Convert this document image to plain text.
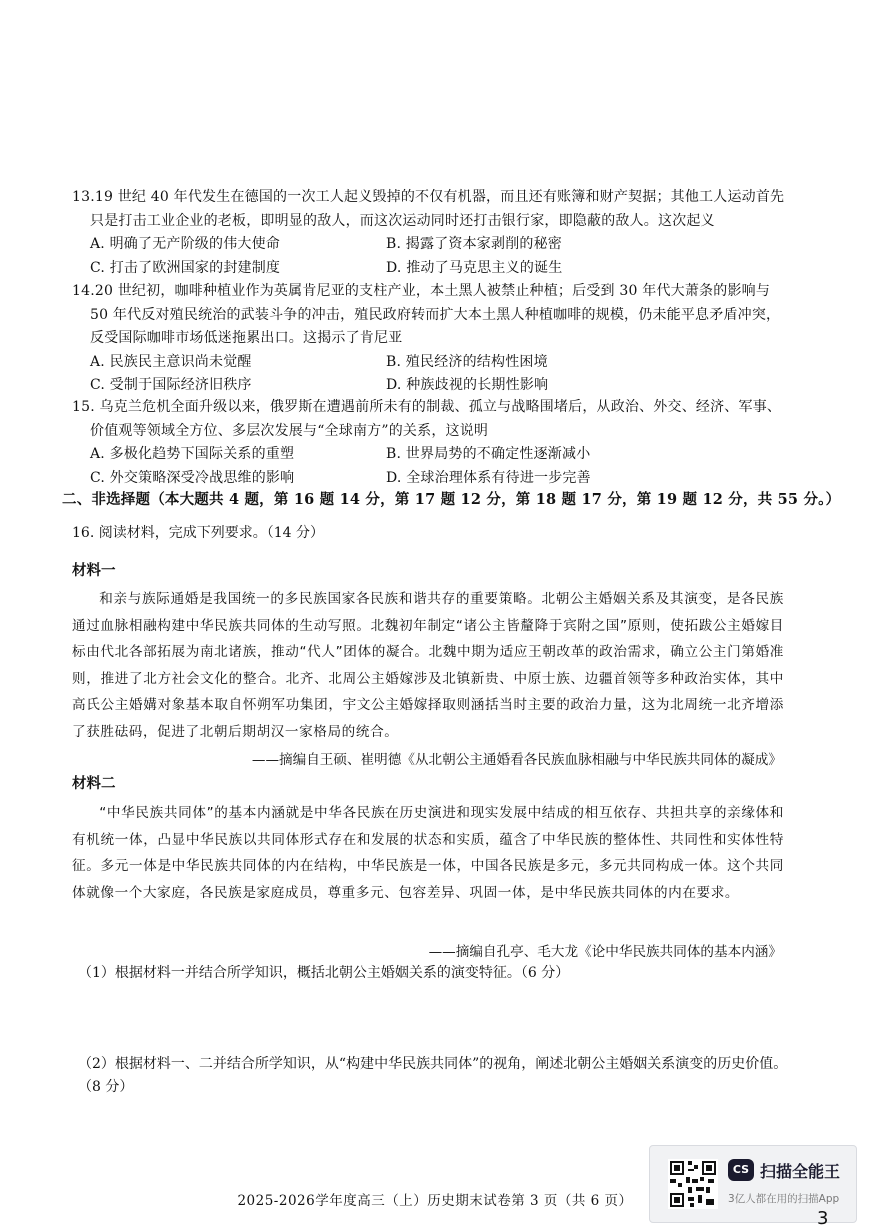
13.19 世纪 40 年代发生在德国的一次工人起义毁掉的不仅有机器，而且还有账簿和财产契据；其他工人运动首先
只是打击工业企业的老板，即明显的敌人，而这次运动同时还打击银行家，即隐蔽的敌人。这次起义
A. 明确了无产阶级的伟大使命	B. 揭露了资本家剥削的秘密
C. 打击了欧洲国家的封建制度	D. 推动了马克思主义的诞生
14.20 世纪初，咖啡种植业作为英属肯尼亚的支柱产业，本土黑人被禁止种植；后受到 30 年代大萧条的影响与
50 年代反对殖民统治的武装斗争的冲击，殖民政府转而扩大本土黑人种植咖啡的规模，仍未能平息矛盾冲突，
反受国际咖啡市场低迷拖累出口。这揭示了肯尼亚
A. 民族民主意识尚未觉醒	B. 殖民经济的结构性困境
C. 受制于国际经济旧秩序	D. 种族歧视的长期性影响
15. 乌克兰危机全面升级以来，俄罗斯在遭遇前所未有的制裁、孤立与战略围堵后，从政治、外交、经济、军事、
价值观等领域全方位、多层次发展与“全球南方”的关系，这说明
A. 多极化趋势下国际关系的重塑	B. 世界局势的不确定性逐渐减小
C. 外交策略深受冷战思维的影响	D. 全球治理体系有待进一步完善
二、非选择题（本大题共 4 题，第 16 题 14 分，第 17 题 12 分，第 18 题 17 分，第 19 题 12 分，共 55 分。）
16. 阅读材料，完成下列要求。（14 分）
材料一

和亲与族际通婚是我国统一的多民族国家各民族和谐共存的重要策略。北朝公主婚姻关系及其演变，是各民族通过血脉相融构建中华民族共同体的生动写照。北魏初年制定“诸公主皆釐降于宾附之国”原则，使拓跋公主婚嫁目标由代北各部拓展为南北诸族，推动“代人”团体的凝合。北魏中期为适应王朝改革的政治需求，确立公主门第婚准则，推进了北方社会文化的整合。北齐、北周公主婚嫁涉及北镇新贵、中原士族、边疆首领等多种政治实体，其中高氏公主婚媾对象基本取自怀朔军功集团，宇文公主婚嫁择取则涵括当时主要的政治力量，这为北周统一北齐增添了获胜砝码，促进了北朝后期胡汉一家格局的统合。

——摘编自王硕、崔明德《从北朝公主通婚看各民族血脉相融与中华民族共同体的凝成》
材料二

“中华民族共同体”的基本内涵就是中华各民族在历史演进和现实发展中结成的相互依存、共担共享的亲缘体和有机统一体，凸显中华民族以共同体形式存在和发展的状态和实质，蕴含了中华民族的整体性、共同性和实体性特征。多元一体是中华民族共同体的内在结构，中华民族是一体，中国各民族是多元，多元共同构成一体。这个共同体就像一个大家庭，各民族是家庭成员，尊重多元、包容差异、巩固一体，是中华民族共同体的内在要求。

——摘编自孔亭、毛大龙《论中华民族共同体的基本内涵》
（1）根据材料一并结合所学知识，概括北朝公主婚姻关系的演变特征。（6 分）
（2）根据材料一、二并结合所学知识，从“构建中华民族共同体”的视角，阐述北朝公主婚姻关系演变的历史价值。（8 分）
2025-2026学年度高三（上）历史期末试卷第 3 页（共 6 页）
CS 扫描全能王
3亿人都在用的扫描App
3
